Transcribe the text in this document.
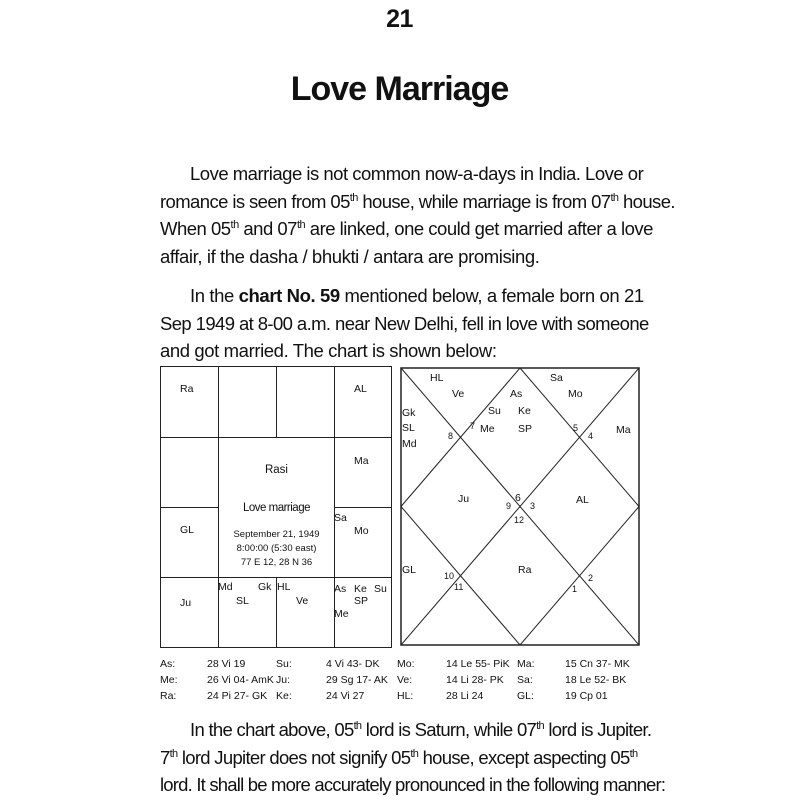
21
Love Marriage
Love marriage is not common now-a-days in India. Love or
romance is seen from 05th house, while marriage is from 07th house.
When 05th and 07th are linked, one could get married after a love
affair, if the dasha / bhukti / antara are promising.
In the chart No. 59 mentioned below, a female born on 21
Sep 1949 at 8-00 a.m. near New Delhi, fell in love with someone
and got married. The chart is shown below:
Ra	AL
Ma
Sa
Mo
GL
Ju
Md
SL
Gk HL
Ve
As Ke Su
SP
Me
Rasi
Love marriage
September 21, 1949
8:00:00 (5:30 east)
77 E 12, 28 N 36
HL
Ve	As
Sa
Mo
Gk
SL
Md
Su Ke
Me SP	Ma
Ju	AL
GL	Ra
7
8
5
4
6
9 3
12
10
11
2
1
As:	28 Vi 19	Su:	4 Vi 43- DK Mo:	14 Le 55- PiK Ma:	15 Cn 37- MK
Me:	26 Vi 04- AmK Ju:	29 Sg 17- AK Ve:	14 Li 28- PK Sa:	18 Le 52- BK
Ra:	24 Pi 27- GK Ke:	24 Vi 27	HL:	28 Li 24	GL:	19 Cp 01
In the chart above, 05th lord is Saturn, while 07th lord is Jupiter.
7th lord Jupiter does not signify 05th house, except aspecting 05th
lord. It shall be more accurately pronounced in the following manner:
